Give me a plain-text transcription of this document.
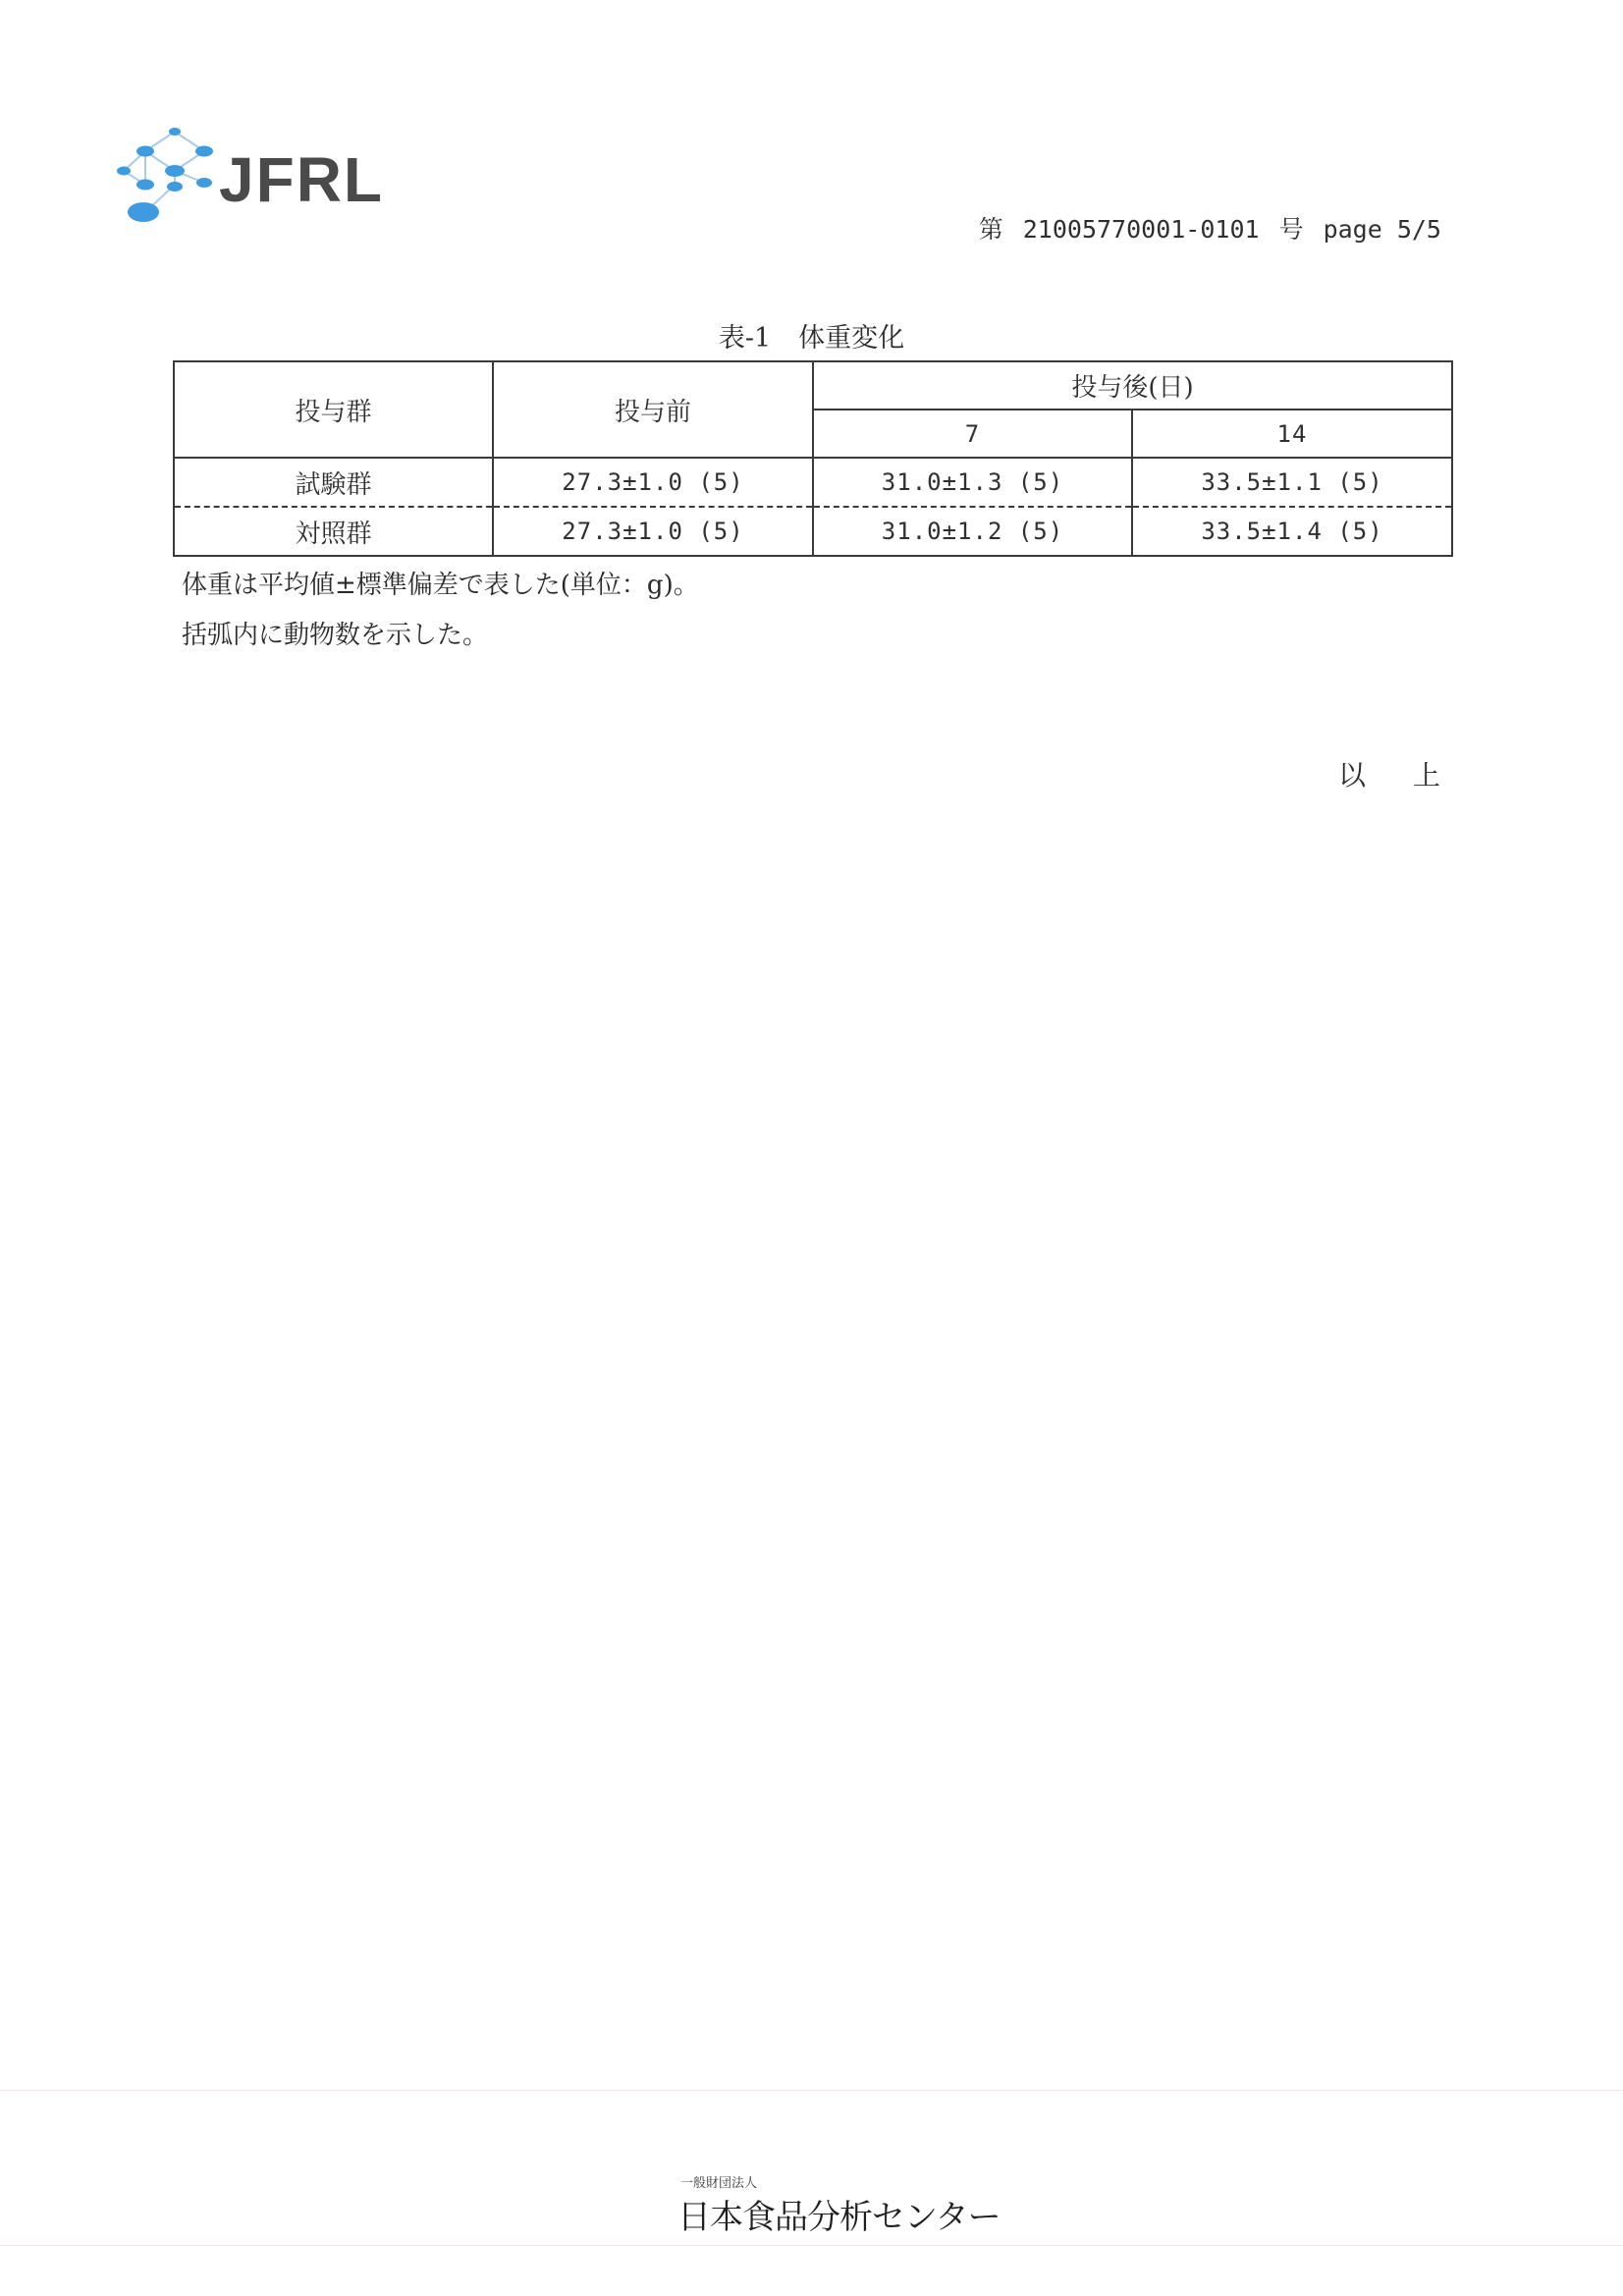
JFRL
第 21005770001-0101 号 page 5/5
表-1 体重変化
投与群	投与前	投与後(日)	
		7	14
試験群	27.3±1.0 (5)	31.0±1.3 (5)	33.5±1.1 (5)
対照群	27.3±1.0 (5)	31.0±1.2 (5)	33.5±1.4 (5)
体重は平均値±標準偏差で表した(単位：g)。
括弧内に動物数を示した。
以 上
一般財団法人
日本食品分析センター
